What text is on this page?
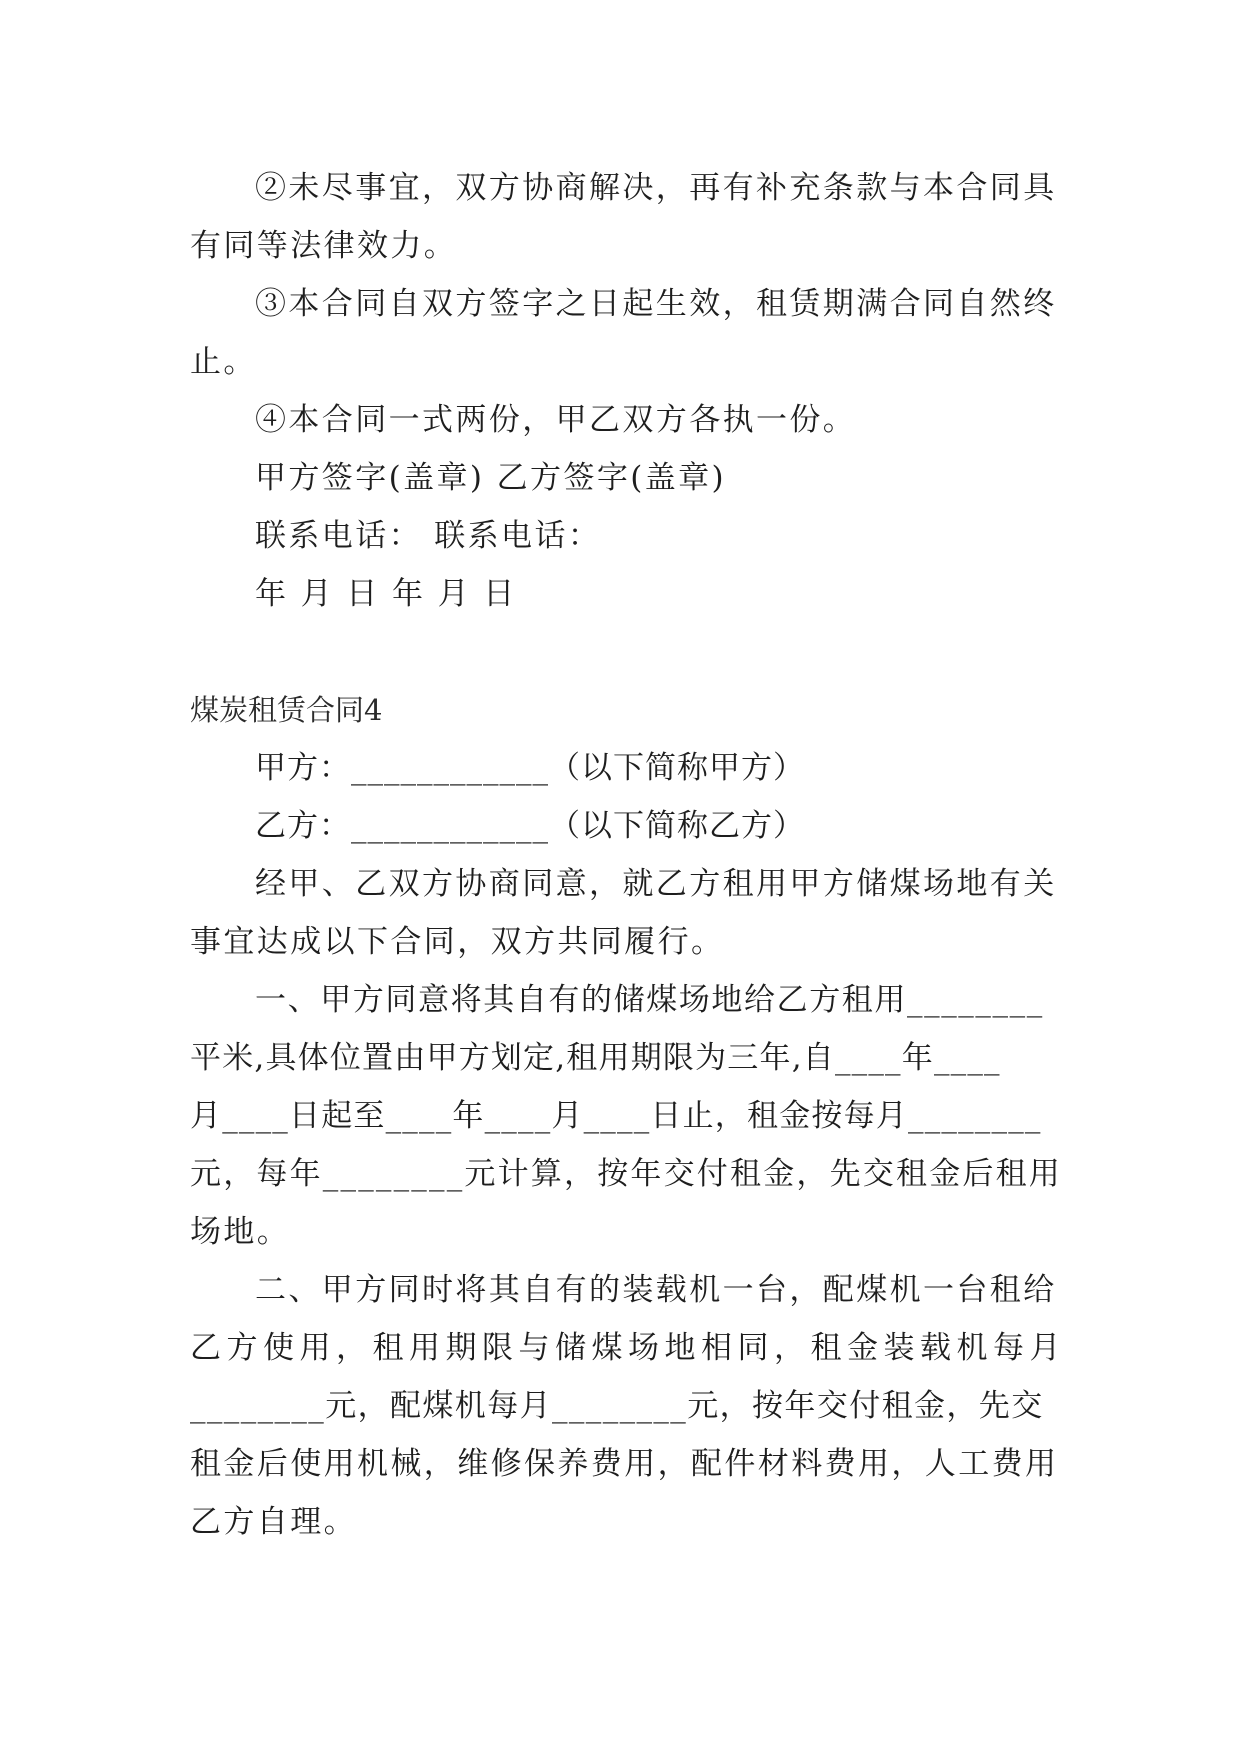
②未尽事宜，双方协商解决，再有补充条款与本合同具
有同等法律效力。
③本合同自双方签字之日起生效，租赁期满合同自然终
止。
④本合同一式两份，甲乙双方各执一份。
甲方签字(盖章) 乙方签字(盖章)
联系电话： 联系电话：
年 月 日 年 月 日
煤炭租赁合同4
甲方：____________（以下简称甲方）
乙方：____________（以下简称乙方）
经甲、乙双方协商同意，就乙方租用甲方储煤场地有关
事宜达成以下合同，双方共同履行。
一、甲方同意将其自有的储煤场地给乙方租用________
平米,具体位置由甲方划定,租用期限为三年,自____年____
月____日起至____年____月____日止，租金按每月________
元，每年________元计算，按年交付租金，先交租金后租用
场地。
二、甲方同时将其自有的装载机一台，配煤机一台租给
乙方使用，租用期限与储煤场地相同，租金装载机每月
________元，配煤机每月________元，按年交付租金，先交
租金后使用机械，维修保养费用，配件材料费用，人工费用
乙方自理。
